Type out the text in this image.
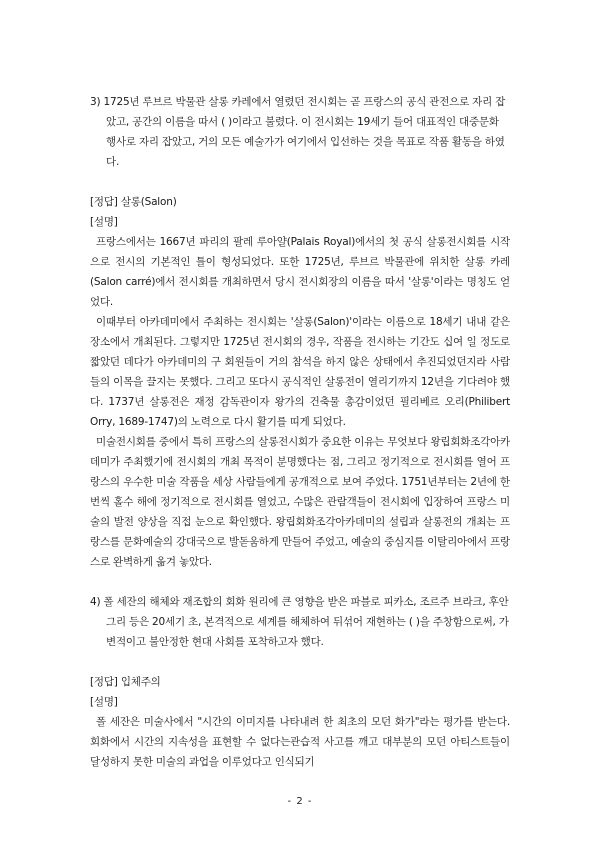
3) 1725년 루브르 박물관 살롱 카레에서 열렸던 전시회는 곧 프랑스의 공식 관전으로 자리 잡았고, 공간의 이름을 따서 ( )이라고 불렸다. 이 전시회는 19세기 들어 대표적인 대중문화 행사로 자리 잡았고, 거의 모든 예술가가 여기에서 입선하는 것을 목표로 작품 활동을 하였다.

[정답] 살롱(Salon)

[설명]

프랑스에서는 1667년 파리의 팔레 루아얄(Palais Royal)에서의 첫 공식 살롱전시회를 시작으로 전시의 기본적인 틀이 형성되었다. 또한 1725년, 루브르 박물관에 위치한 살롱 카레(Salon carré)에서 전시회를 개최하면서 당시 전시회장의 이름을 따서 '살롱'이라는 명칭도 얻었다.

이때부터 아카데미에서 주최하는 전시회는 '살롱(Salon)'이라는 이름으로 18세기 내내 같은 장소에서 개최된다. 그렇지만 1725년 전시회의 경우, 작품을 전시하는 기간도 십여 일 정도로 짧았던 데다가 아카데미의 구 회원들이 거의 참석을 하지 않은 상태에서 추진되었던지라 사람들의 이목을 끌지는 못했다. 그리고 또다시 공식적인 살롱전이 열리기까지 12년을 기다려야 했다. 1737년 살롱전은 재정 감독관이자 왕가의 건축물 총감이었던 필리베르 오리(Philibert Orry, 1689-1747)의 노력으로 다시 활기를 띠게 되었다.

미술전시회를 중에서 특히 프랑스의 살롱전시회가 중요한 이유는 무엇보다 왕립회화조각아카데미가 주최했기에 전시회의 개최 목적이 분명했다는 점, 그리고 정기적으로 전시회를 열어 프랑스의 우수한 미술 작품을 세상 사람들에게 공개적으로 보여 주었다. 1751년부터는 2년에 한 번씩 홀수 해에 정기적으로 전시회를 열었고, 수많은 관람객들이 전시회에 입장하여 프랑스 미술의 발전 양상을 직접 눈으로 확인했다. 왕립회화조각아카데미의 설립과 살롱전의 개최는 프랑스를 문화예술의 강대국으로 발돋움하게 만들어 주었고, 예술의 중심지를 이탈리아에서 프랑스로 완벽하게 옮겨 놓았다.

4) 폴 세잔의 해체와 재조합의 회화 원리에 큰 영향을 받은 파블로 피카소, 조르주 브라크, 후안 그리 등은 20세기 초, 본격적으로 세계를 해체하여 뒤섞어 재현하는 ( )을 주창함으로써, 가변적이고 불안정한 현대 사회를 포착하고자 했다.

[정답] 입체주의

[설명]

폴 세잔은 미술사에서 "시간의 이미지를 나타내려 한 최초의 모던 화가"라는 평가를 받는다. 회화에서 시간의 지속성을 표현할 수 없다는관습적 사고를 깨고 대부분의 모던 아티스트들이 달성하지 못한 미술의 과업을 이루었다고 인식되기

- 2 -
